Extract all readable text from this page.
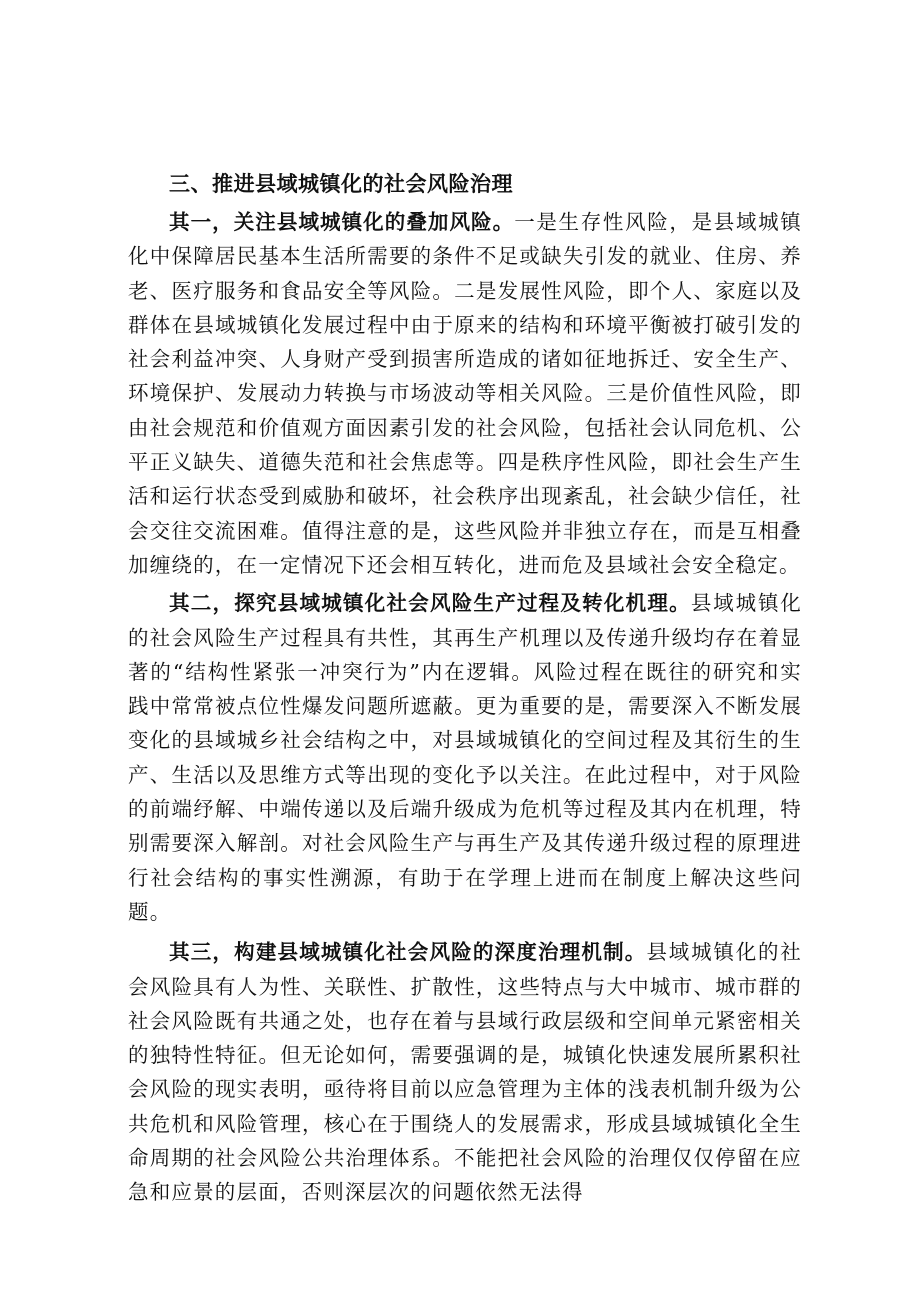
三、推进县域城镇化的社会风险治理

其一，关注县域城镇化的叠加风险。一是生存性风险，是县域城镇化中保障居民基本生活所需要的条件不足或缺失引发的就业、住房、养老、医疗服务和食品安全等风险。二是发展性风险，即个人、家庭以及群体在县域城镇化发展过程中由于原来的结构和环境平衡被打破引发的社会利益冲突、人身财产受到损害所造成的诸如征地拆迁、安全生产、环境保护、发展动力转换与市场波动等相关风险。三是价值性风险，即由社会规范和价值观方面因素引发的社会风险，包括社会认同危机、公平正义缺失、道德失范和社会焦虑等。四是秩序性风险，即社会生产生活和运行状态受到威胁和破坏，社会秩序出现紊乱，社会缺少信任，社会交往交流困难。值得注意的是，这些风险并非独立存在，而是互相叠加缠绕的，在一定情况下还会相互转化，进而危及县域社会安全稳定。

其二，探究县域城镇化社会风险生产过程及转化机理。县域城镇化的社会风险生产过程具有共性，其再生产机理以及传递升级均存在着显著的“结构性紧张一冲突行为”内在逻辑。风险过程在既往的研究和实践中常常被点位性爆发问题所遮蔽。更为重要的是，需要深入不断发展变化的县域城乡社会结构之中，对县域城镇化的空间过程及其衍生的生产、生活以及思维方式等出现的变化予以关注。在此过程中，对于风险的前端纾解、中端传递以及后端升级成为危机等过程及其内在机理，特别需要深入解剖。对社会风险生产与再生产及其传递升级过程的原理进行社会结构的事实性溯源，有助于在学理上进而在制度上解决这些问题。

其三，构建县域城镇化社会风险的深度治理机制。县域城镇化的社会风险具有人为性、关联性、扩散性，这些特点与大中城市、城市群的社会风险既有共通之处，也存在着与县域行政层级和空间单元紧密相关的独特性特征。但无论如何，需要强调的是，城镇化快速发展所累积社会风险的现实表明，亟待将目前以应急管理为主体的浅表机制升级为公共危机和风险管理，核心在于围绕人的发展需求，形成县域城镇化全生命周期的社会风险公共治理体系。不能把社会风险的治理仅仅停留在应急和应景的层面，否则深层次的问题依然无法得
